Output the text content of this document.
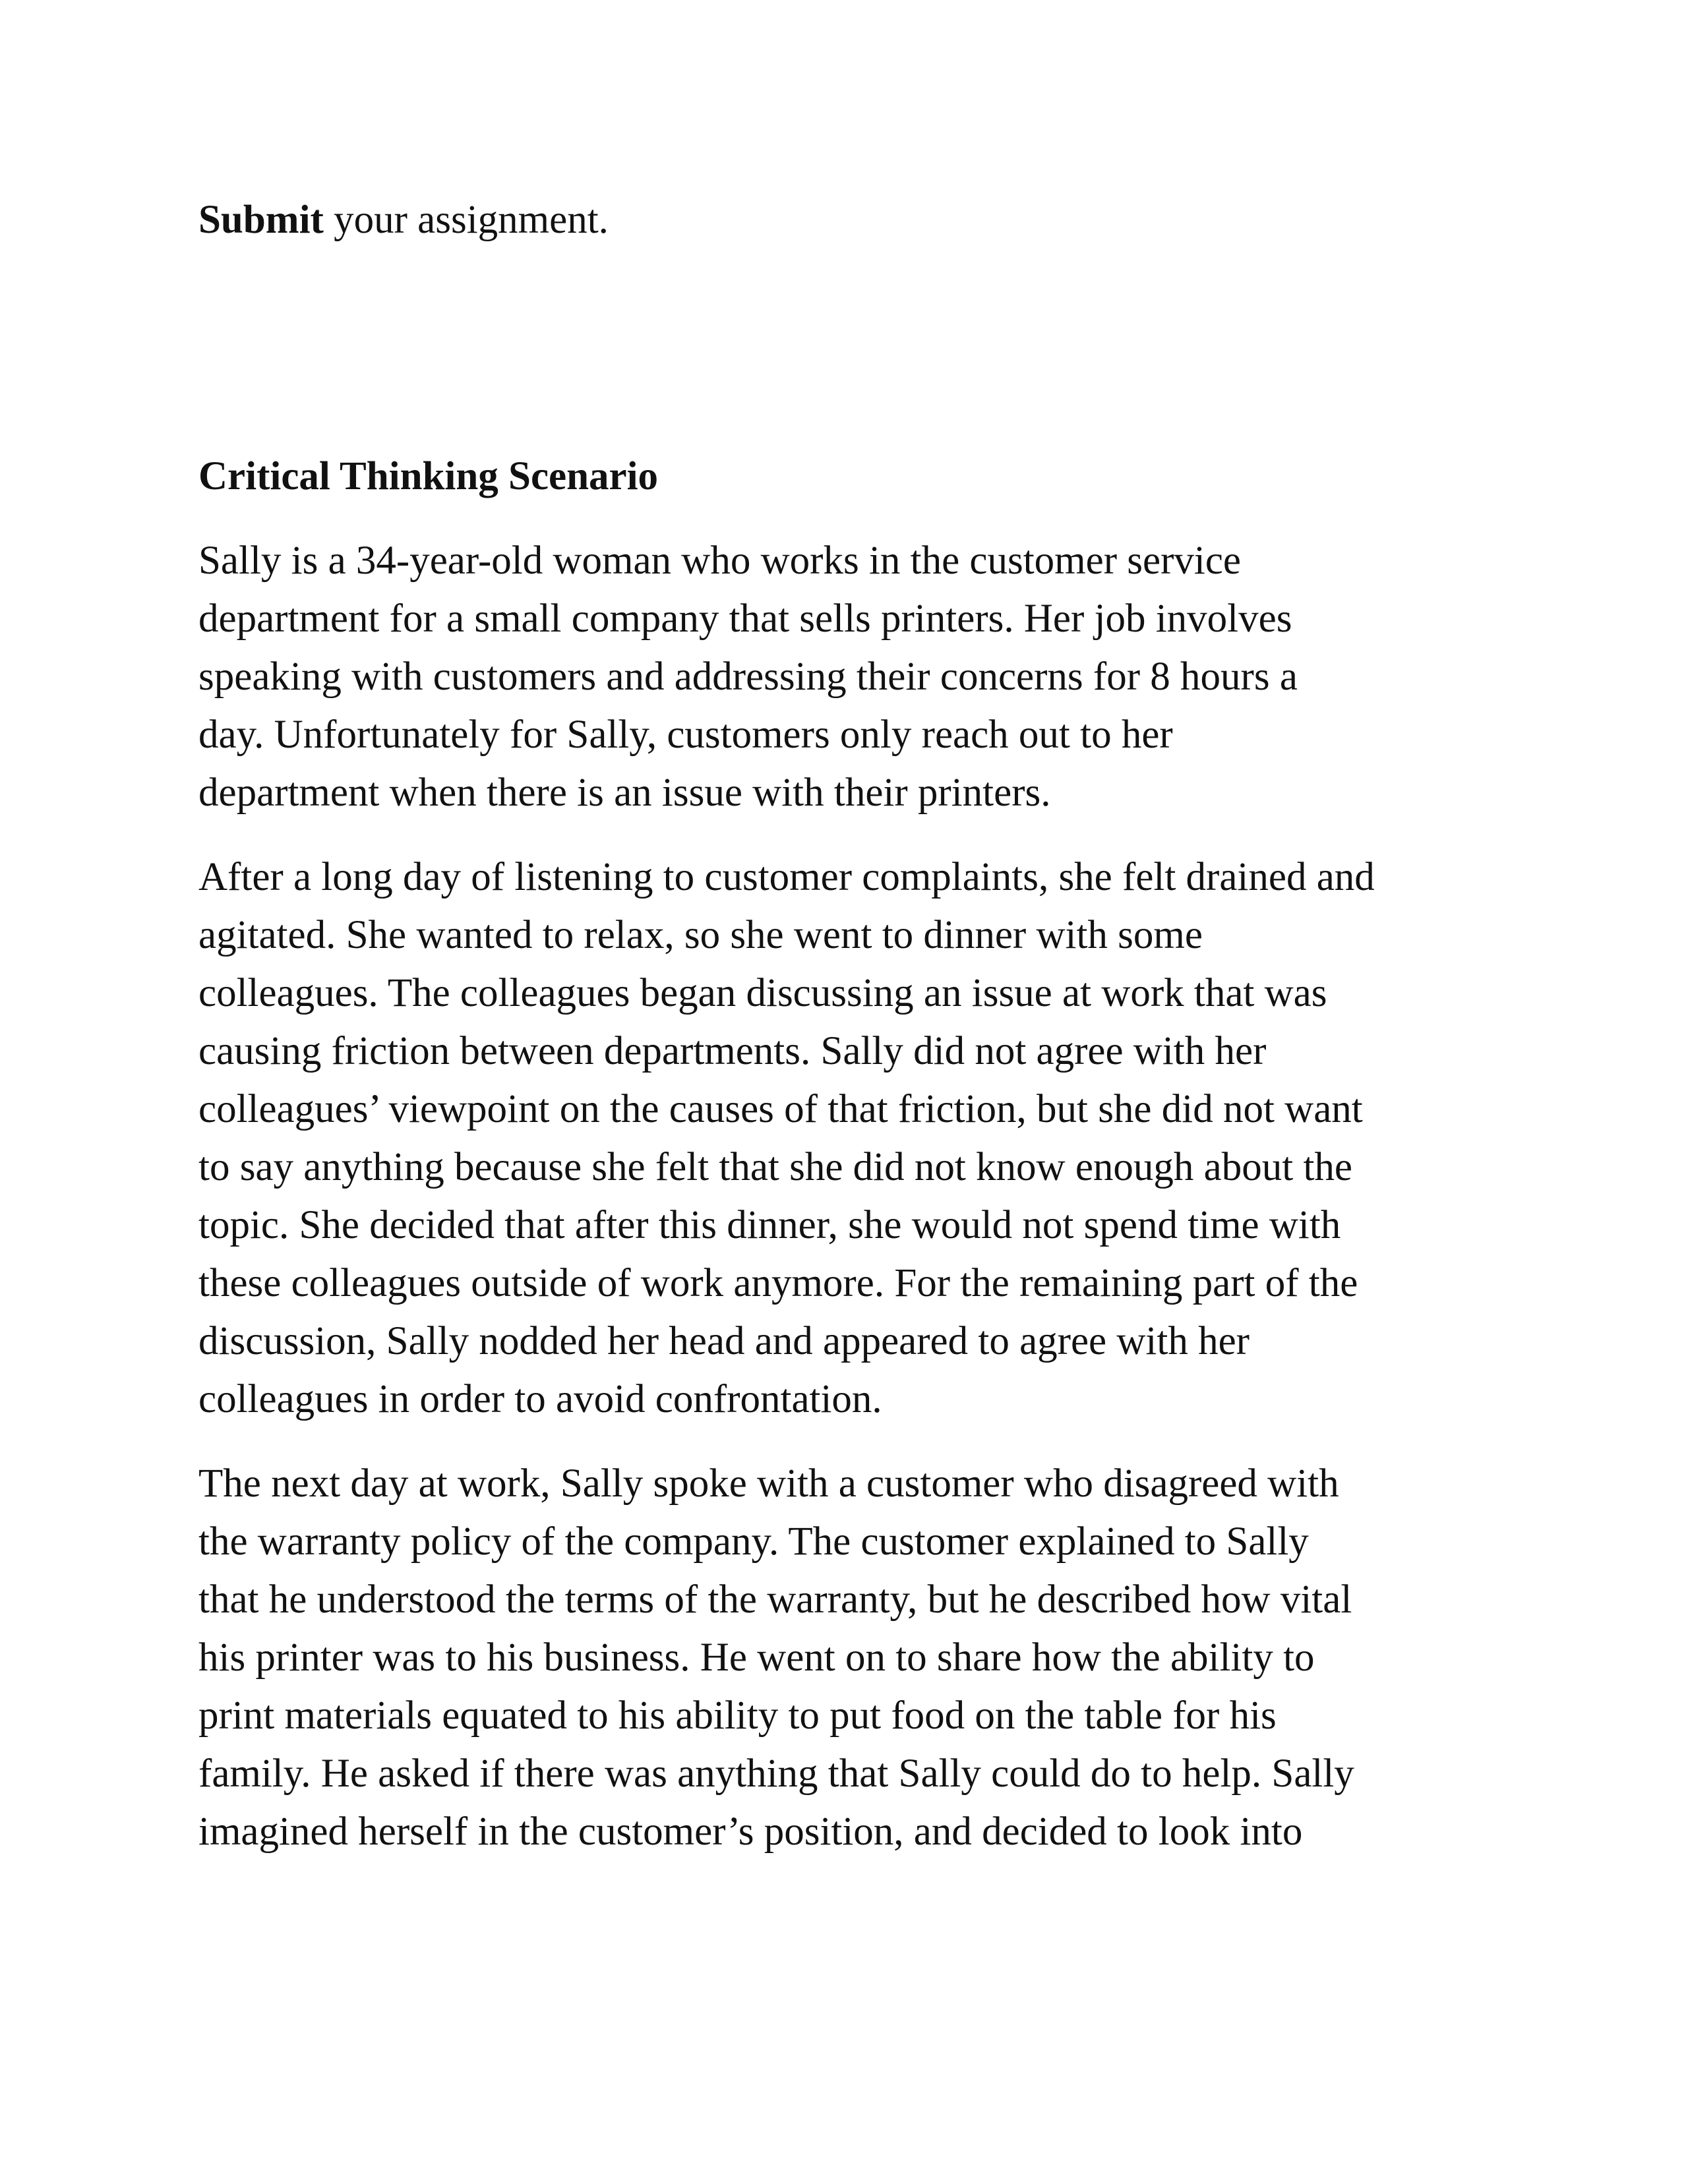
Submit your assignment.

Critical Thinking Scenario

Sally is a 34-year-old woman who works in the customer service
department for a small company that sells printers. Her job involves
speaking with customers and addressing their concerns for 8 hours a
day. Unfortunately for Sally, customers only reach out to her
department when there is an issue with their printers.

After a long day of listening to customer complaints, she felt drained and
agitated. She wanted to relax, so she went to dinner with some
colleagues. The colleagues began discussing an issue at work that was
causing friction between departments. Sally did not agree with her
colleagues’ viewpoint on the causes of that friction, but she did not want
to say anything because she felt that she did not know enough about the
topic. She decided that after this dinner, she would not spend time with
these colleagues outside of work anymore. For the remaining part of the
discussion, Sally nodded her head and appeared to agree with her
colleagues in order to avoid confrontation.

The next day at work, Sally spoke with a customer who disagreed with
the warranty policy of the company. The customer explained to Sally
that he understood the terms of the warranty, but he described how vital
his printer was to his business. He went on to share how the ability to
print materials equated to his ability to put food on the table for his
family. He asked if there was anything that Sally could do to help. Sally
imagined herself in the customer’s position, and decided to look into
